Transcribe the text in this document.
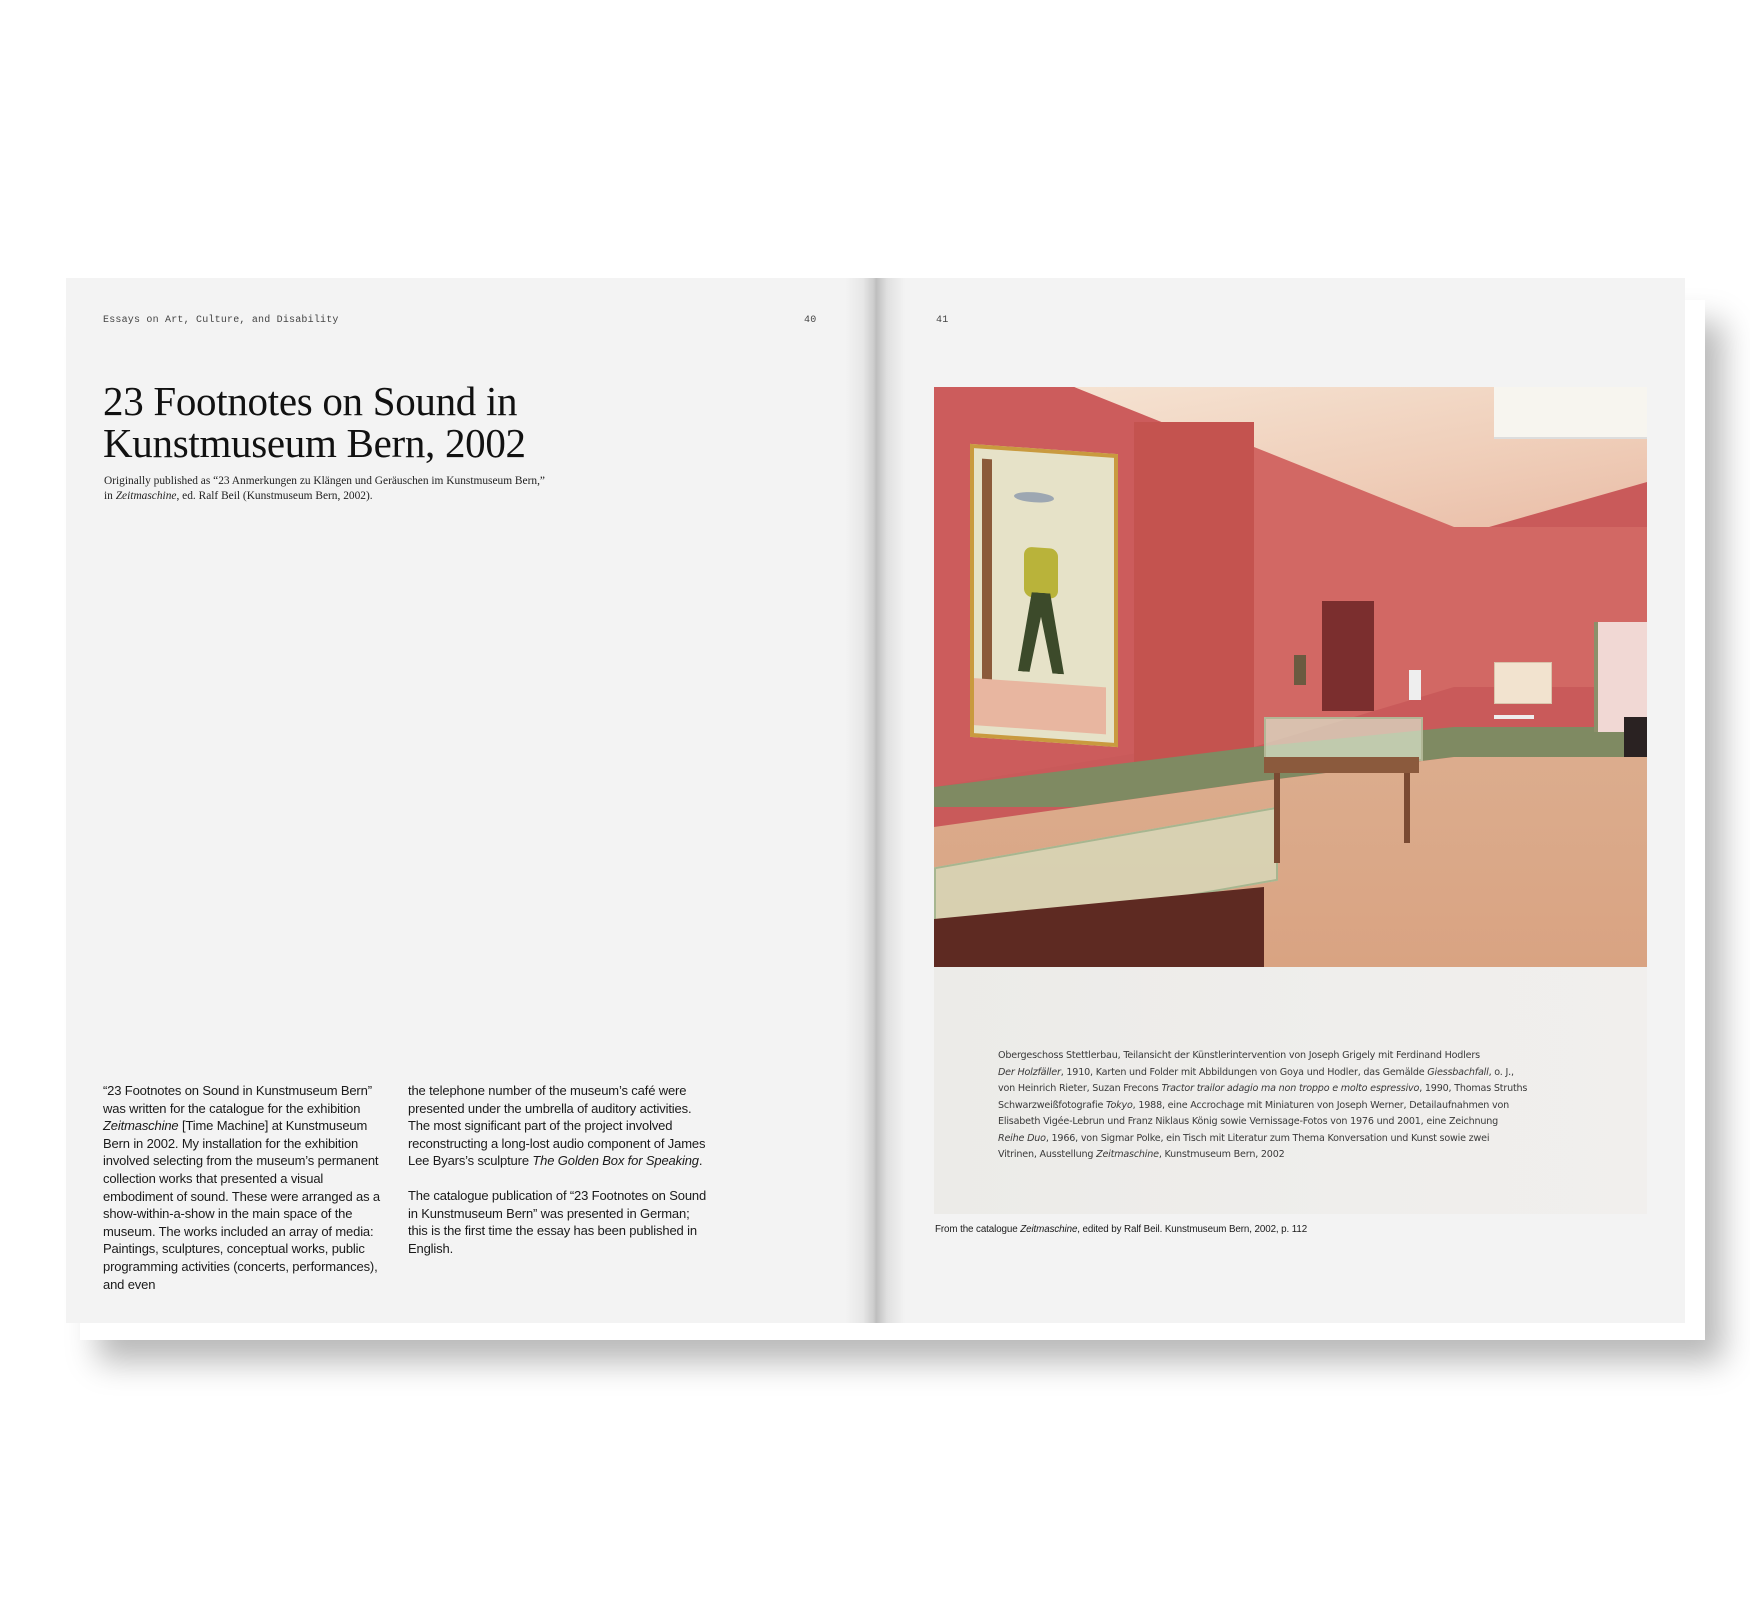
Essays on Art, Culture, and Disability	40	41
23 Footnotes on Sound in
Kunstmuseum Bern, 2002
Originally published as “23 Anmerkungen zu Klängen und Geräuschen im Kunstmuseum Bern,”
in Zeitmaschine, ed. Ralf Beil (Kunstmuseum Bern, 2002).

“23 Footnotes on Sound in Kunstmuseum Bern” was written for the catalogue for the exhibition Zeitmaschine [Time Machine] at Kunstmuseum Bern in 2002. My installation for the exhibition involved selecting from the museum’s permanent collection works that presented a visual embodiment of sound. These were arranged as a show-within-a-show in the main space of the museum. The works included an array of media: Paintings, sculptures, conceptual works, public programming activities (concerts, performances), and even

the telephone number of the museum’s café were presented under the umbrella of auditory activities. The most significant part of the project involved reconstructing a long-lost audio component of James Lee Byars’s sculpture The Golden Box for Speaking.

The catalogue publication of “23 Footnotes on Sound in Kunstmuseum Bern” was presented in German; this is the first time the essay has been published in English.

Obergeschoss Stettlerbau, Teilansicht der Künstlerintervention von Joseph Grigely mit Ferdinand Hodlers
Der Holzfäller, 1910, Karten und Folder mit Abbildungen von Goya und Hodler, das Gemälde Giessbachfall, o. J.,
von Heinrich Rieter, Suzan Frecons Tractor trailor adagio ma non troppo e molto espressivo, 1990, Thomas Struths
Schwarzweißfotografie Tokyo, 1988, eine Accrochage mit Miniaturen von Joseph Werner, Detailaufnahmen von
Elisabeth Vigée-Lebrun und Franz Niklaus König sowie Vernissage-Fotos von 1976 und 2001, eine Zeichnung
Reihe Duo, 1966, von Sigmar Polke, ein Tisch mit Literatur zum Thema Konversation und Kunst sowie zwei
Vitrinen, Ausstellung Zeitmaschine, Kunstmuseum Bern, 2002
From the catalogue Zeitmaschine, edited by Ralf Beil. Kunstmuseum Bern, 2002, p. 112
